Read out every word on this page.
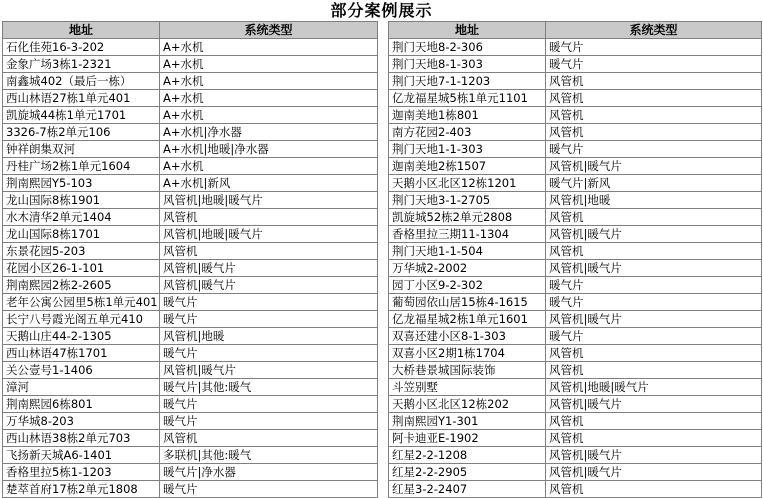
部分案例展示
地址	系统类型
石化佳苑16-3-202	A+水机
金象广场3栋1-2321	A+水机
南鑫城402（最后一栋）	A+水机
西山林语27栋1单元401	A+水机
凯旋城44栋1单元1701	A+水机
3326-7栋2单元106	A+水机|净水器
钟祥朗集双河	A+水机|地暖|净水器
丹桂广场2栋1单元1604	A+水机
荆南熙园Y5-103	A+水机|新风
龙山国际8栋1901	风管机|地暖|暖气片
水木清华2单元1404	风管机
龙山国际8栋1701	风管机|地暖|暖气片
东景花园5-203	风管机
花园小区26-1-101	风管机|暖气片
荆南熙园2栋2-2605	风管机|暖气片
老年公寓公园里5栋1单元401	暖气片
长宁八号霞光阁五单元410	暖气片
天鹅山庄44-2-1305	风管机|地暖
西山林语47栋1701	暖气片
关公壹号1-1406	风管机|暖气片
漳河	暖气片|其他:暖气
荆南熙园6栋801	暖气片
万华城8-203	暖气片
西山林语38栋2单元703	风管机
飞扬新天城A6-1401	多联机|其他:暖气
香格里拉5栋1-1203	暖气片|净水器
楚萃首府17栋2单元1808	暖气片
地址	系统类型
荆门天地8-2-306	暖气片
荆门天地8-1-303	暖气片
荆门天地7-1-1203	风管机
亿龙福星城5栋1单元1101	风管机
迦南美地1栋801	风管机
南方花园2-403	风管机
荆门天地1-1-303	暖气片
迦南美地2栋1507	风管机|暖气片
天鹅小区北区12栋1201	暖气片|新风
荆门天地3-1-2705	风管机|地暖
凯旋城52栋2单元2808	风管机
香格里拉三期11-1304	风管机|暖气片
荆门天地1-1-504	风管机
万华城2-2002	风管机|暖气片
园丁小区9-2-302	暖气片
葡萄园依山居15栋4-1615	暖气片
亿龙福星城2栋1单元1601	风管机|暖气片
双喜还建小区8-1-303	暖气片
双喜小区2期1栋1704	风管机
大桥巷景城国际装饰	风管机
斗笠别墅	风管机|地暖|暖气片
天鹅小区北区12栋202	风管机|暖气片
荆南熙园Y1-301	风管机
阿卡迪亚E-1902	风管机
红星2-2-1208	风管机|暖气片
红星2-2-2905	风管机|暖气片
红星3-2-2407	风管机
